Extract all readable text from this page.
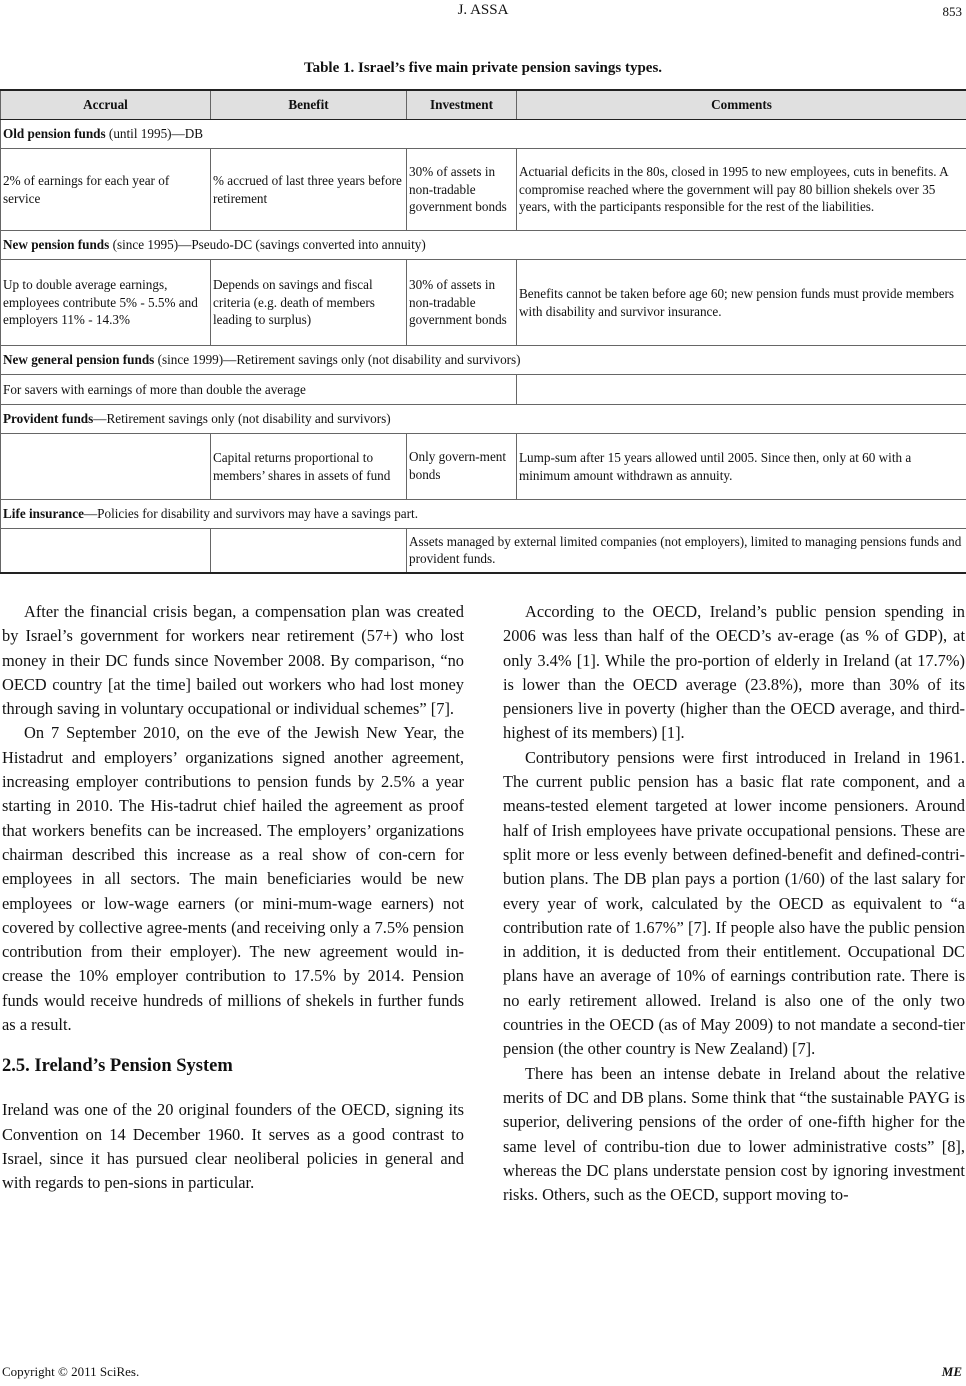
J. ASSA	853
Table 1. Israel’s five main private pension savings types.
Accrual	Benefit	Investment	Comments
Old pension funds (until 1995)—DB			
2% of earnings for each year of service	% accrued of last three years before retirement	30% of assets in non-tradable government bonds	Actuarial deficits in the 80s, closed in 1995 to new employees, cuts in benefits. A compromise reached where the government will pay 80 billion shekels over 35 years, with the participants responsible for the rest of the liabilities.
New pension funds (since 1995)—Pseudo-DC (savings converted into annuity)			
Up to double average earnings, employees contribute 5% - 5.5% and employers 11% - 14.3%	Depends on savings and fiscal criteria (e.g. death of members leading to surplus)	30% of assets in non-tradable government bonds	Benefits cannot be taken before age 60; new pension funds must provide members with disability and survivor insurance.
New general pension funds (since 1999)—Retirement savings only (not disability and survivors)			
For savers with earnings of more than double the average			
Provident funds—Retirement savings only (not disability and survivors)			
	Capital returns proportional to members’ shares in assets of fund	Only govern-ment bonds	Lump-sum after 15 years allowed until 2005. Since then, only at 60 with a minimum amount withdrawn as annuity.
Life insurance—Policies for disability and survivors may have a savings part.			
		Assets managed by external limited companies (not employers), limited to managing pensions funds and provident funds.	

After the financial crisis began, a compensation plan was created by Israel’s government for workers near retirement (57+) who lost money in their DC funds since November 2008. By comparison, “no OECD country [at the time] bailed out workers who had lost money through saving in voluntary occupational or individual schemes” [7].

On 7 September 2010, on the eve of the Jewish New Year, the Histadrut and employers’ organizations signed another agreement, increasing employer contributions to pension funds by 2.5% a year starting in 2010. The His-tadrut chief hailed the agreement as proof that workers benefits can be increased. The employers’ organizations chairman described this increase as a real show of con-cern for employees in all sectors. The main beneficiaries would be new employees or low-wage earners (or mini-mum-wage earners) not covered by collective agree-ments (and receiving only a 7.5% pension contribution from their employer). The new agreement would in-crease the 10% employer contribution to 17.5% by 2014. Pension funds would receive hundreds of millions of shekels in further funds as a result.

2.5. Ireland’s Pension System

Ireland was one of the 20 original founders of the OECD, signing its Convention on 14 December 1960. It serves as a good contrast to Israel, since it has pursued clear neoliberal policies in general and with regards to pen-sions in particular.

According to the OECD, Ireland’s public pension spending in 2006 was less than half of the OECD’s av-erage (as % of GDP), at only 3.4% [1]. While the pro-portion of elderly in Ireland (at 17.7%) is lower than the OECD average (23.8%), more than 30% of its pensioners live in poverty (higher than the OECD average, and third-highest of its members) [1].

Contributory pensions were first introduced in Ireland in 1961. The current public pension has a basic flat rate component, and a means-tested element targeted at lower income pensioners. Around half of Irish employees have private occupational pensions. These are split more or less evenly between defined-benefit and defined-contri-bution plans. The DB plan pays a portion (1/60) of the last salary for every year of work, calculated by the OECD as equivalent to “a contribution rate of 1.67%” [7]. If people also have the public pension in addition, it is deducted from their entitlement. Occupational DC plans have an average of 10% of earnings contribution rate. There is no early retirement allowed. Ireland is also one of the only two countries in the OECD (as of May 2009) to not mandate a second-tier pension (the other country is New Zealand) [7].

There has been an intense debate in Ireland about the relative merits of DC and DB plans. Some think that “the sustainable PAYG is superior, delivering pensions of the order of one-fifth higher for the same level of contribu-tion due to lower administrative costs” [8], whereas the DC plans understate pension cost by ignoring investment risks. Others, such as the OECD, support moving to-

Copyright © 2011 SciRes.	ME
